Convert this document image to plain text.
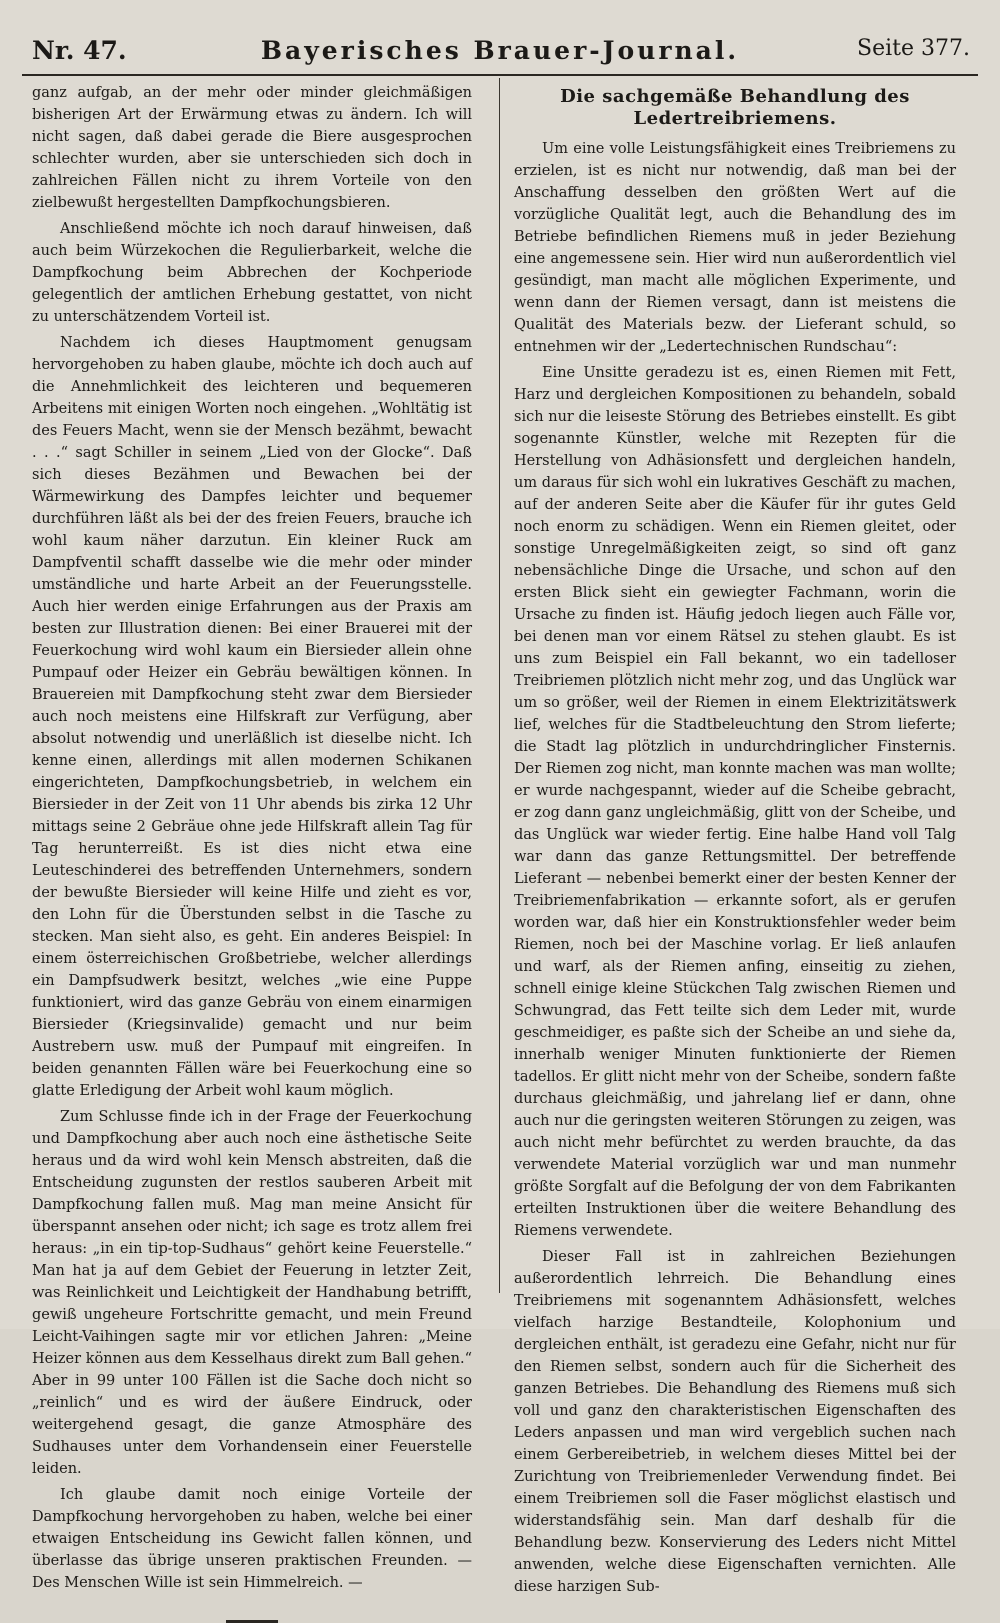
Nr. 47.	Bayerisches Brauer-Journal.	Seite 377.

ganz aufgab, an der mehr oder minder gleichmäßigen bisherigen Art der Erwärmung etwas zu ändern. Ich will nicht sagen, daß dabei gerade die Biere ausgesprochen schlechter wurden, aber sie unterschieden sich doch in zahlreichen Fällen nicht zu ihrem Vorteile von den zielbewußt hergestellten Dampfkochungsbieren.

Anschließend möchte ich noch darauf hinweisen, daß auch beim Würzekochen die Regulierbarkeit, welche die Dampfkochung beim Abbrechen der Kochperiode gelegentlich der amtlichen Erhebung gestattet, von nicht zu unterschätzendem Vorteil ist.

Nachdem ich dieses Hauptmoment genugsam hervorgehoben zu haben glaube, möchte ich doch auch auf die Annehmlichkeit des leichteren und bequemeren Arbeitens mit einigen Worten noch eingehen. „Wohltätig ist des Feuers Macht, wenn sie der Mensch bezähmt, bewacht . . .“ sagt Schiller in seinem „Lied von der Glocke“. Daß sich dieses Bezähmen und Bewachen bei der Wärmewirkung des Dampfes leichter und bequemer durchführen läßt als bei der des freien Feuers, brauche ich wohl kaum näher darzutun. Ein kleiner Ruck am Dampfventil schafft dasselbe wie die mehr oder minder umständliche und harte Arbeit an der Feuerungsstelle. Auch hier werden einige Erfahrungen aus der Praxis am besten zur Illustration dienen: Bei einer Brauerei mit der Feuerkochung wird wohl kaum ein Biersieder allein ohne Pumpauf oder Heizer ein Gebräu bewältigen können. In Brauereien mit Dampfkochung steht zwar dem Biersieder auch noch meistens eine Hilfskraft zur Verfügung, aber absolut notwendig und unerläßlich ist dieselbe nicht. Ich kenne einen, allerdings mit allen modernen Schikanen eingerichteten, Dampfkochungsbetrieb, in welchem ein Biersieder in der Zeit von 11 Uhr abends bis zirka 12 Uhr mittags seine 2 Gebräue ohne jede Hilfskraft allein Tag für Tag herunterreißt. Es ist dies nicht etwa eine Leuteschinderei des betreffenden Unternehmers, sondern der bewußte Biersieder will keine Hilfe und zieht es vor, den Lohn für die Überstunden selbst in die Tasche zu stecken. Man sieht also, es geht. Ein anderes Beispiel: In einem österreichischen Großbetriebe, welcher allerdings ein Dampfsudwerk besitzt, welches „wie eine Puppe funktioniert, wird das ganze Gebräu von einem einarmigen Biersieder (Kriegsinvalide) gemacht und nur beim Austrebern usw. muß der Pumpauf mit eingreifen. In beiden genannten Fällen wäre bei Feuerkochung eine so glatte Erledigung der Arbeit wohl kaum möglich.

Zum Schlusse finde ich in der Frage der Feuerkochung und Dampfkochung aber auch noch eine ästhetische Seite heraus und da wird wohl kein Mensch abstreiten, daß die Entscheidung zugunsten der restlos sauberen Arbeit mit Dampfkochung fallen muß. Mag man meine Ansicht für überspannt ansehen oder nicht; ich sage es trotz allem frei heraus: „in ein tip-top-Sudhaus“ gehört keine Feuerstelle.“ Man hat ja auf dem Gebiet der Feuerung in letzter Zeit, was Reinlichkeit und Leichtigkeit der Handhabung betrifft, gewiß ungeheure Fortschritte gemacht, und mein Freund Leicht-Vaihingen sagte mir vor etlichen Jahren: „Meine Heizer können aus dem Kesselhaus direkt zum Ball gehen.“ Aber in 99 unter 100 Fällen ist die Sache doch nicht so „reinlich“ und es wird der äußere Eindruck, oder weitergehend gesagt, die ganze Atmosphäre des Sudhauses unter dem Vorhandensein einer Feuerstelle leiden.

Ich glaube damit noch einige Vorteile der Dampfkochung hervorgehoben zu haben, welche bei einer etwaigen Entscheidung ins Gewicht fallen können, und überlasse das übrige unseren praktischen Freunden. — Des Menschen Wille ist sein Himmelreich. —

Die sachgemäße Behandlung des Ledertreibriemens.

Um eine volle Leistungsfähigkeit eines Treibriemens zu erzielen, ist es nicht nur notwendig, daß man bei der Anschaffung desselben den größten Wert auf die vorzügliche Qualität legt, auch die Behandlung des im Betriebe befindlichen Riemens muß in jeder Beziehung eine angemessene sein. Hier wird nun außerordentlich viel gesündigt, man macht alle möglichen Experimente, und wenn dann der Riemen versagt, dann ist meistens die Qualität des Materials bezw. der Lieferant schuld, so entnehmen wir der „Ledertechnischen Rundschau“:

Eine Unsitte geradezu ist es, einen Riemen mit Fett, Harz und dergleichen Kompositionen zu behandeln, sobald sich nur die leiseste Störung des Betriebes einstellt. Es gibt sogenannte Künstler, welche mit Rezepten für die Herstellung von Adhäsionsfett und dergleichen handeln, um daraus für sich wohl ein lukratives Geschäft zu machen, auf der anderen Seite aber die Käufer für ihr gutes Geld noch enorm zu schädigen. Wenn ein Riemen gleitet, oder sonstige Unregelmäßigkeiten zeigt, so sind oft ganz nebensächliche Dinge die Ursache, und schon auf den ersten Blick sieht ein gewiegter Fachmann, worin die Ursache zu finden ist. Häufig jedoch liegen auch Fälle vor, bei denen man vor einem Rätsel zu stehen glaubt. Es ist uns zum Beispiel ein Fall bekannt, wo ein tadelloser Treibriemen plötzlich nicht mehr zog, und das Unglück war um so größer, weil der Riemen in einem Elektrizitätswerk lief, welches für die Stadtbeleuchtung den Strom lieferte; die Stadt lag plötzlich in undurchdringlicher Finsternis. Der Riemen zog nicht, man konnte machen was man wollte; er wurde nachgespannt, wieder auf die Scheibe gebracht, er zog dann ganz ungleichmäßig, glitt von der Scheibe, und das Unglück war wieder fertig. Eine halbe Hand voll Talg war dann das ganze Rettungsmittel. Der betreffende Lieferant — nebenbei bemerkt einer der besten Kenner der Treibriemenfabrikation — erkannte sofort, als er gerufen worden war, daß hier ein Konstruktionsfehler weder beim Riemen, noch bei der Maschine vorlag. Er ließ anlaufen und warf, als der Riemen anfing, einseitig zu ziehen, schnell einige kleine Stückchen Talg zwischen Riemen und Schwungrad, das Fett teilte sich dem Leder mit, wurde geschmeidiger, es paßte sich der Scheibe an und siehe da, innerhalb weniger Minuten funktionierte der Riemen tadellos. Er glitt nicht mehr von der Scheibe, sondern faßte durchaus gleichmäßig, und jahrelang lief er dann, ohne auch nur die geringsten weiteren Störungen zu zeigen, was auch nicht mehr befürchtet zu werden brauchte, da das verwendete Material vorzüglich war und man nunmehr größte Sorgfalt auf die Befolgung der von dem Fabrikanten erteilten Instruktionen über die weitere Behandlung des Riemens verwendete.

Dieser Fall ist in zahlreichen Beziehungen außerordentlich lehrreich. Die Behandlung eines Treibriemens mit sogenanntem Adhäsionsfett, welches vielfach harzige Bestandteile, Kolophonium und dergleichen enthält, ist geradezu eine Gefahr, nicht nur für den Riemen selbst, sondern auch für die Sicherheit des ganzen Betriebes. Die Behandlung des Riemens muß sich voll und ganz den charakteristischen Eigenschaften des Leders anpassen und man wird vergeblich suchen nach einem Gerbereibetrieb, in welchem dieses Mittel bei der Zurichtung von Treibriemenleder Verwendung findet. Bei einem Treibriemen soll die Faser möglichst elastisch und widerstandsfähig sein. Man darf deshalb für die Behandlung bezw. Konservierung des Leders nicht Mittel anwenden, welche diese Eigenschaften vernichten. Alle diese harzigen Sub-
